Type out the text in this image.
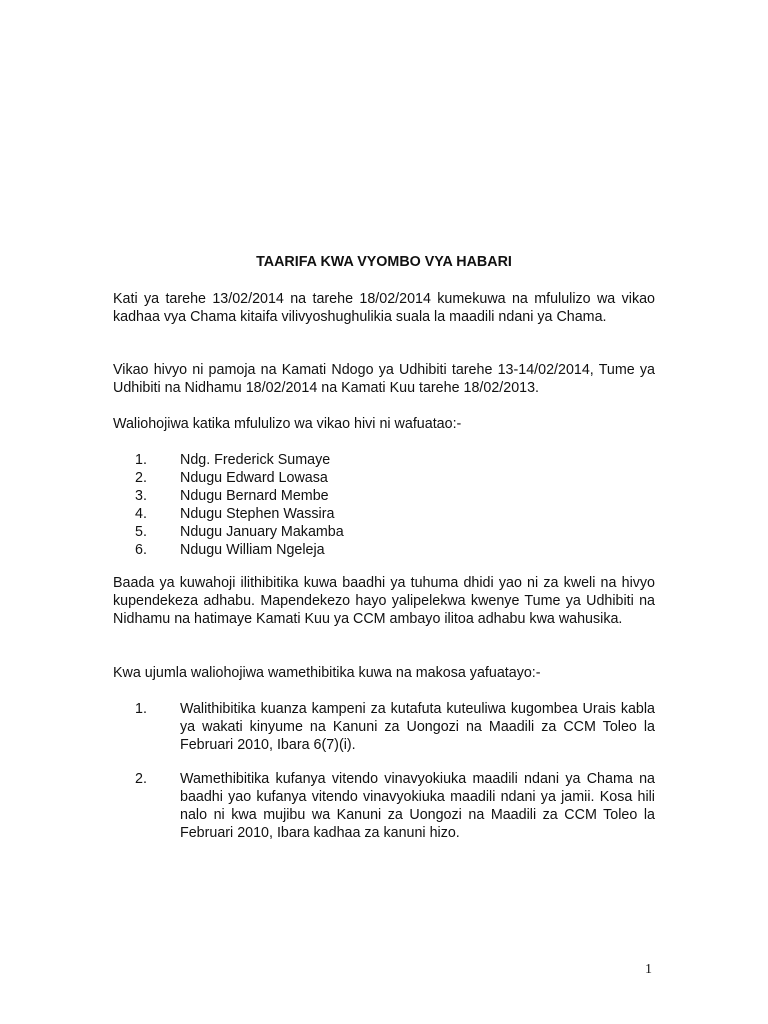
TAARIFA KWA VYOMBO VYA HABARI

Kati ya tarehe 13/02/2014 na tarehe 18/02/2014 kumekuwa na mfululizo wa vikao kadhaa vya Chama kitaifa vilivyoshughulikia suala la maadili ndani ya Chama.

Vikao hivyo ni pamoja na Kamati Ndogo ya Udhibiti tarehe 13-14/02/2014, Tume ya Udhibiti na Nidhamu 18/02/2014 na Kamati Kuu tarehe 18/02/2013.

Waliohojiwa katika mfululizo wa vikao hivi ni wafuatao:-

1. Ndg. Frederick Sumaye
2. Ndugu Edward Lowasa
3. Ndugu Bernard Membe
4. Ndugu Stephen Wassira
5. Ndugu January Makamba
6. Ndugu William Ngeleja

Baada ya kuwahoji ilithibitika kuwa baadhi ya tuhuma dhidi yao ni za kweli na hivyo kupendekeza adhabu. Mapendekezo hayo yalipelekwa kwenye Tume ya Udhibiti na Nidhamu na hatimaye Kamati Kuu ya CCM ambayo ilitoa adhabu kwa wahusika.

Kwa ujumla waliohojiwa wamethibitika kuwa na makosa yafuatayo:-

1. Walithibitika kuanza kampeni za kutafuta kuteuliwa kugombea Urais kabla ya wakati kinyume na Kanuni za Uongozi na Maadili za CCM Toleo la Februari 2010, Ibara 6(7)(i).
2. Wamethibitika kufanya vitendo vinavyokiuka maadili ndani ya Chama na baadhi yao kufanya vitendo vinavyokiuka maadili ndani ya jamii. Kosa hili nalo ni kwa mujibu wa Kanuni za Uongozi na Maadili za CCM Toleo la Februari 2010, Ibara kadhaa za kanuni hizo.
1
